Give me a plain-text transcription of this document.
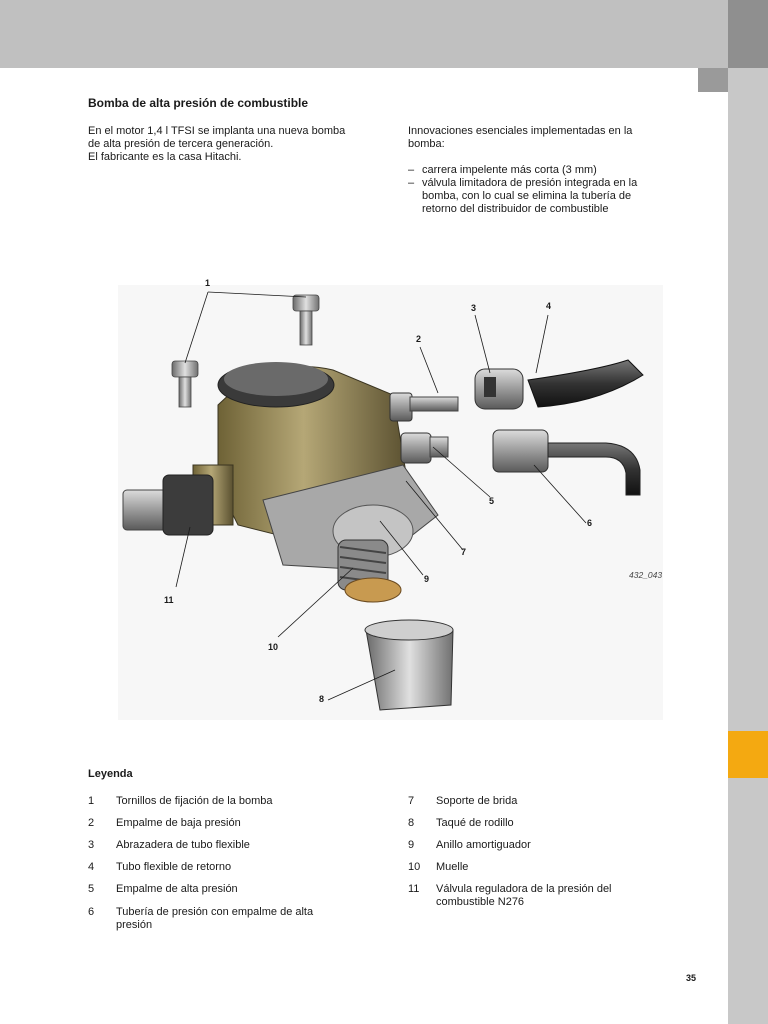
Bomba de alta presión de combustible

En el motor 1,4 l TFSI se implanta una nueva bomba

de alta presión de tercera generación.

El fabricante es la casa Hitachi.

Innovaciones esenciales implementadas en la

bomba:

– carrera impelente más corta (3 mm)
– válvula limitadora de presión integrada en la
bomba, con lo cual se elimina la tubería de
retorno del distribuidor de combustible
1
2
3	4
5
6
7
8
9
10
11
432_043
Leyenda
1 Tornillos de fijación de la bomba
2 Empalme de baja presión
3 Abrazadera de tubo flexible
4 Tubo flexible de retorno
5 Empalme de alta presión
6 Tubería de presión con empalme de alta
presión
7 Soporte de brida
8 Taqué de rodillo
9 Anillo amortiguador
10 Muelle
11 Válvula reguladora de la presión del
combustible N276
35
